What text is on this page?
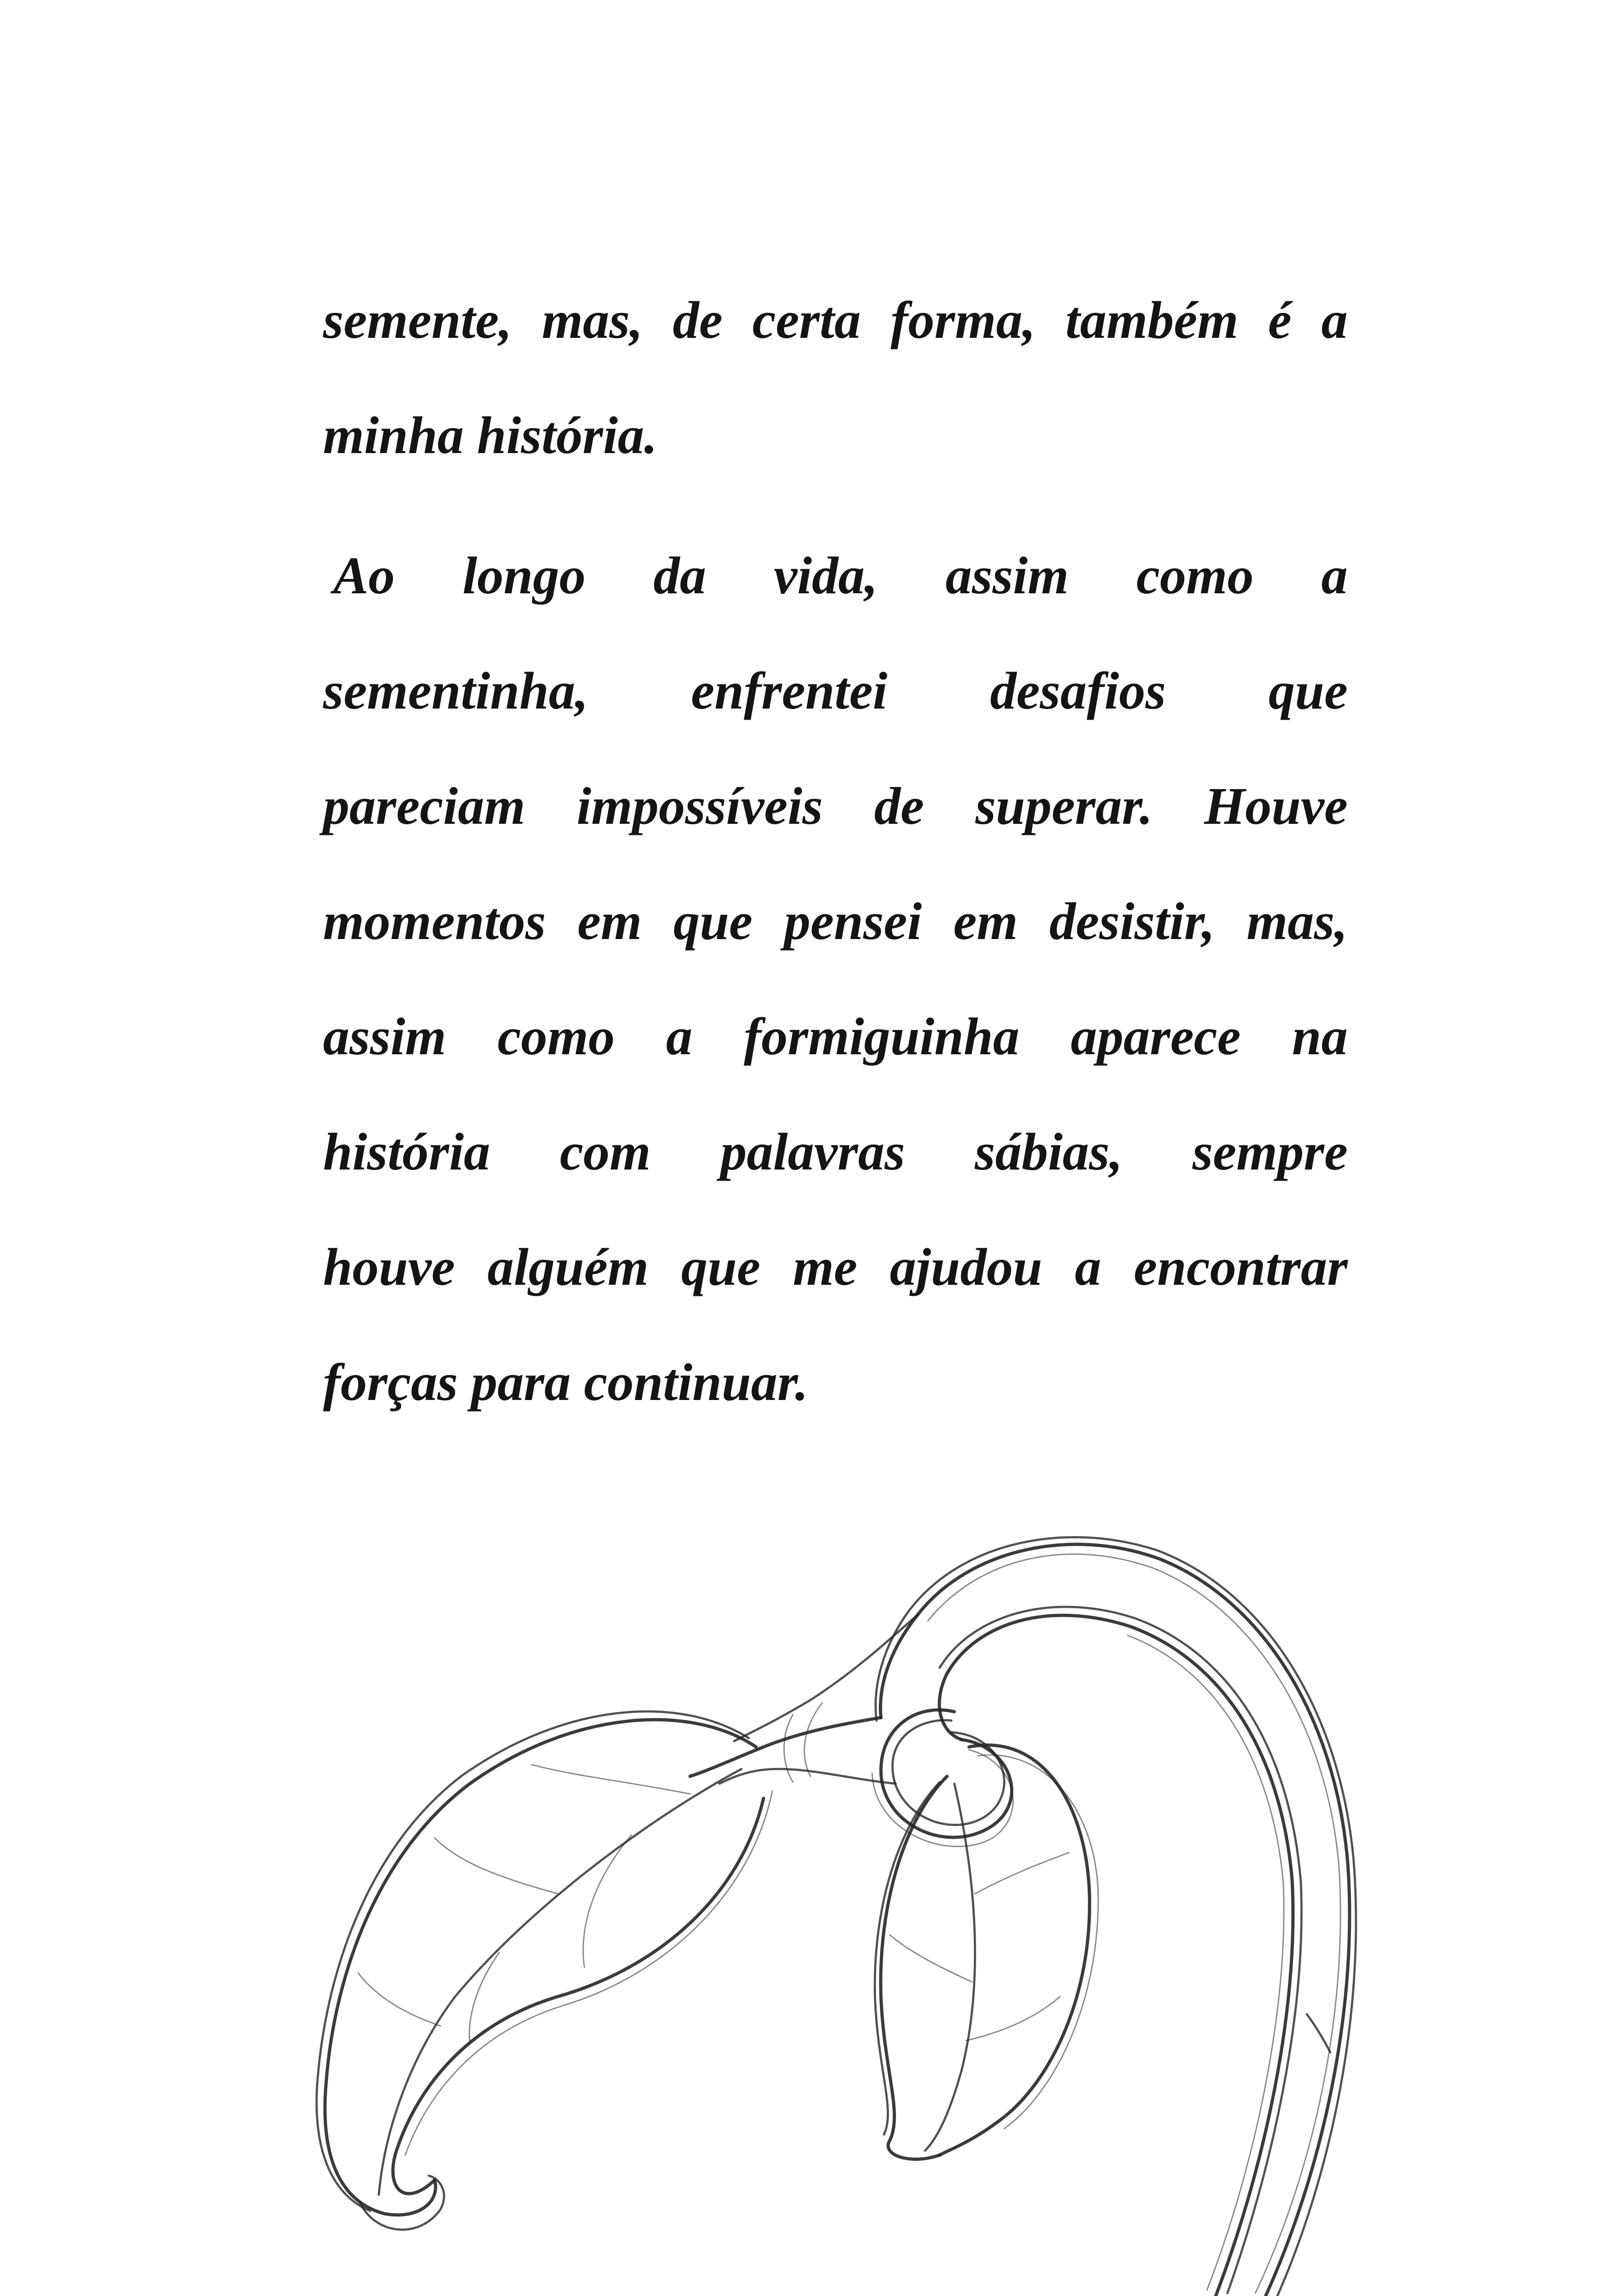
semente, mas, de certa forma, também é a
minha história.
Ao longo da vida, assim como a
sementinha, enfrentei desafios que
pareciam impossíveis de superar. Houve
momentos em que pensei em desistir, mas,
assim como a formiguinha aparece na
história com palavras sábias, sempre
houve alguém que me ajudou a encontrar
forças para continuar.
